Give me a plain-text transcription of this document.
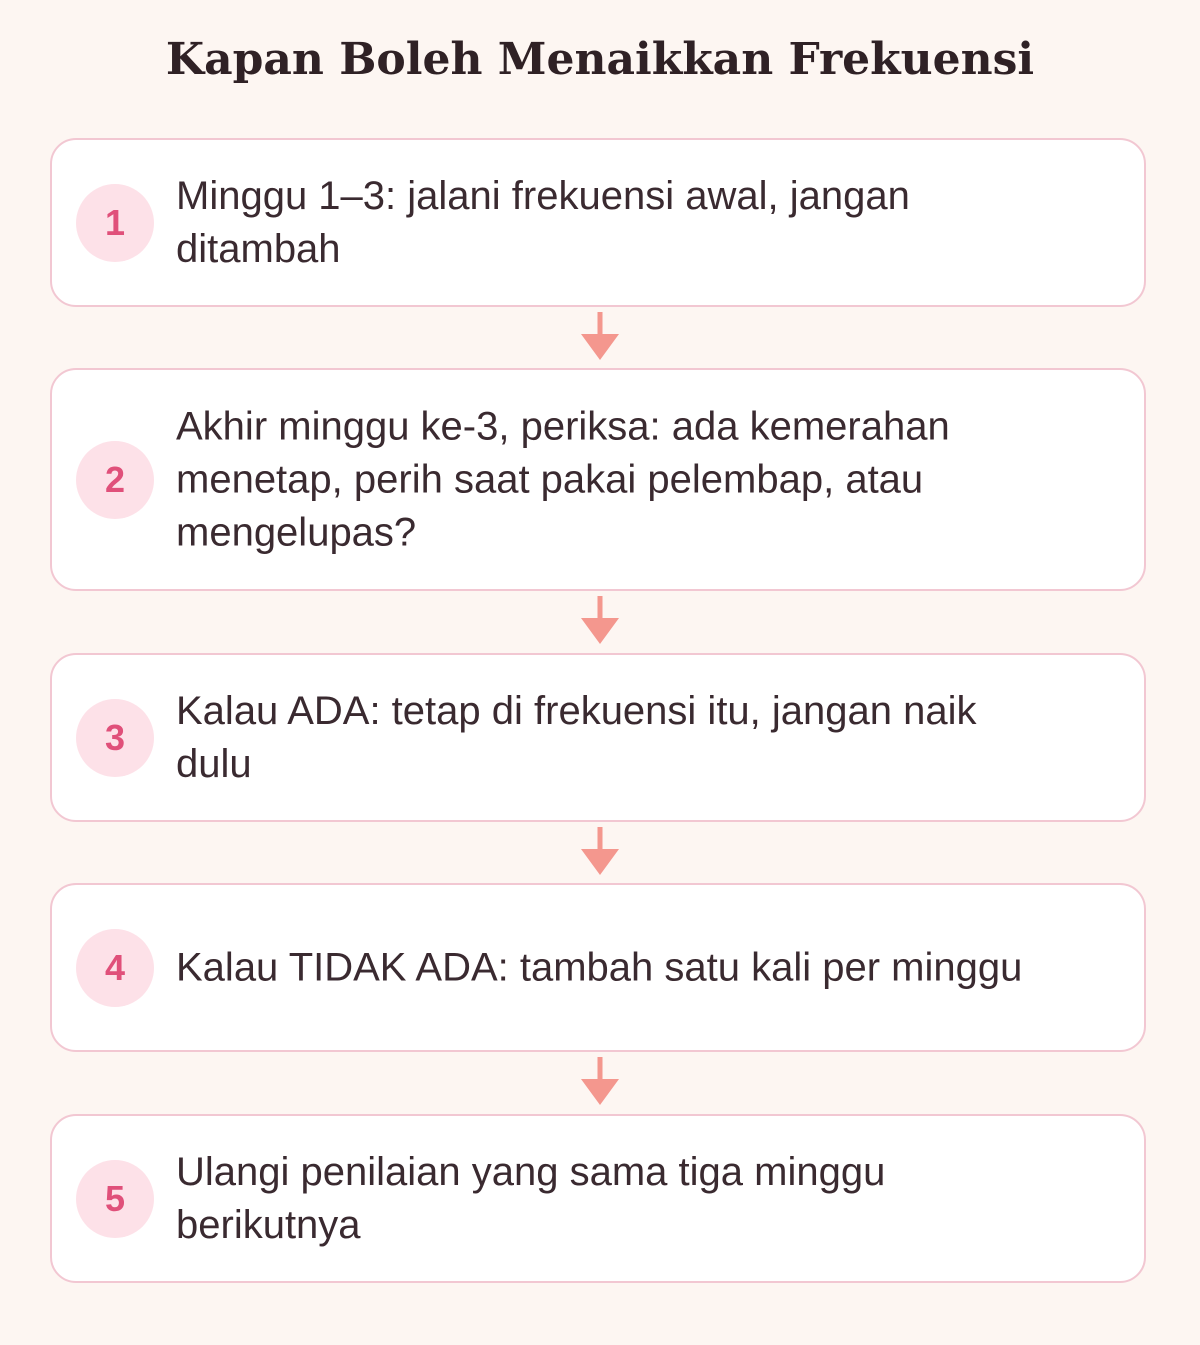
Kapan Boleh Menaikkan Frekuensi
1
Minggu 1–3: jalani frekuensi awal, jangan ditambah
2
Akhir minggu ke-3, periksa: ada kemerahan menetap, perih saat pakai pelembap, atau mengelupas?
3
Kalau ADA: tetap di frekuensi itu, jangan naik dulu
4	Kalau TIDAK ADA: tambah satu kali per minggu
5
Ulangi penilaian yang sama tiga minggu berikutnya
